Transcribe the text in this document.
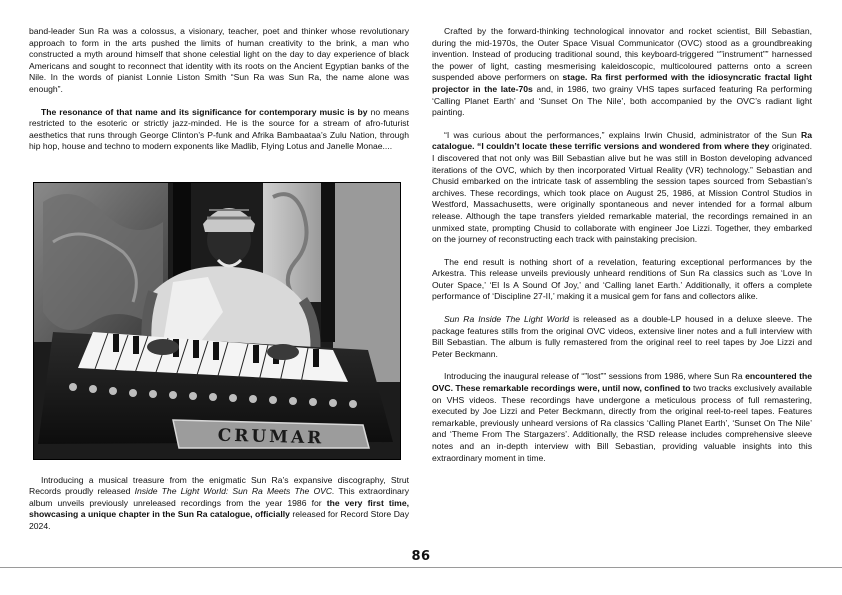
band-leader Sun Ra was a colossus, a visionary, teacher, poet and thinker whose revolutionary approach to form in the arts pushed the limits of human creativity to the brink, a man who constructed a myth around himself that shone celestial light on the day to day experience of black Americans and sought to reconnect that identity with its roots on the Ancient Egyptian banks of the Nile. In the words of pianist Lonnie Liston Smith “Sun Ra was Sun Ra, the name alone was enough”.

The resonance of that name and its significance for contemporary music is by no means restricted to the esoteric or strictly jazz-minded. He is the source for a stream of afro-futurist aesthetics that runs through George Clinton’s P-funk and Afrika Bambaataa’s Zulu Nation, through hip hop, house and techno to modern exponents like Madlib, Flying Lotus and Janelle Monae....

CRUMAR

Introducing a musical treasure from the enigmatic Sun Ra’s expansive discography, Strut Records proudly released Inside The Light World: Sun Ra Meets The OVC. This extraordinary album unveils previously unreleased recordings from the year 1986 for the very first time, showcasing a unique chapter in the Sun Ra catalogue, officially released for Record Store Day 2024.

Crafted by the forward-thinking technological innovator and rocket scientist, Bill Sebastian, during the mid-1970s, the Outer Space Visual Communicator (OVC) stood as a groundbreaking invention. Instead of producing traditional sound, this keyboard-triggered “”instrument”” harnessed the power of light, casting mesmerising kaleidoscopic, multicoloured patterns onto a screen suspended above performers on stage. Ra first performed with the idiosyncratic fractal light projector in the late-70s and, in 1986, two grainy VHS tapes surfaced featuring Ra performing ‘Calling Planet Earth’ and ‘Sunset On The Nile’, both accompanied by the OVC’s radiant light painting.

“I was curious about the performances,” explains Irwin Chusid, administrator of the Sun Ra catalogue. “I couldn’t locate these terrific versions and wondered from where they originated. I discovered that not only was Bill Sebastian alive but he was still in Boston developing advanced iterations of the OVC, which by then incorporated Virtual Reality (VR) technology.” Sebastian and Chusid embarked on the intricate task of assembling the session tapes sourced from Sebastian’s archives. These recordings, which took place on August 25, 1986, at Mission Control Studios in Westford, Massachusetts, were originally spontaneous and never intended for a formal album release. Although the tape transfers yielded remarkable material, the recordings remained in an unmixed state, prompting Chusid to collaborate with engineer Joe Lizzi. Together, they embarked on the journey of reconstructing each track with painstaking precision.

The end result is nothing short of a revelation, featuring exceptional performances by the Arkestra. This release unveils previously unheard renditions of Sun Ra classics such as ‘Love In Outer Space,’ ‘El Is A Sound Of Joy,’ and ‘Calling lanet Earth.’ Additionally, it offers a complete performance of ‘Discipline 27-II,’ making it a musical gem for fans and collectors alike.

Sun Ra Inside The Light World is released as a double-LP housed in a deluxe sleeve. The package features stills from the original OVC videos, extensive liner notes and a full interview with Bill Sebastian. The album is fully remastered from the original reel to reel tapes by Joe Lizzi and Peter Beckmann.

Introducing the inaugural release of “”lost”” sessions from 1986, where Sun Ra encountered the OVC. These remarkable recordings were, until now, confined to two tracks exclusively available on VHS videos. These recordings have undergone a meticulous process of full remastering, executed by Joe Lizzi and Peter Beckmann, directly from the original reel-to-reel tapes. Features remarkable, previously unheard versions of Ra classics ‘Calling Planet Earth’, ‘Sunset On The Nile’ and ‘Theme From The Stargazers’. Additionally, the RSD release includes comprehensive sleeve notes and an in-depth interview with Bill Sebastian, providing valuable insights into this extraordinary moment in time.

86
